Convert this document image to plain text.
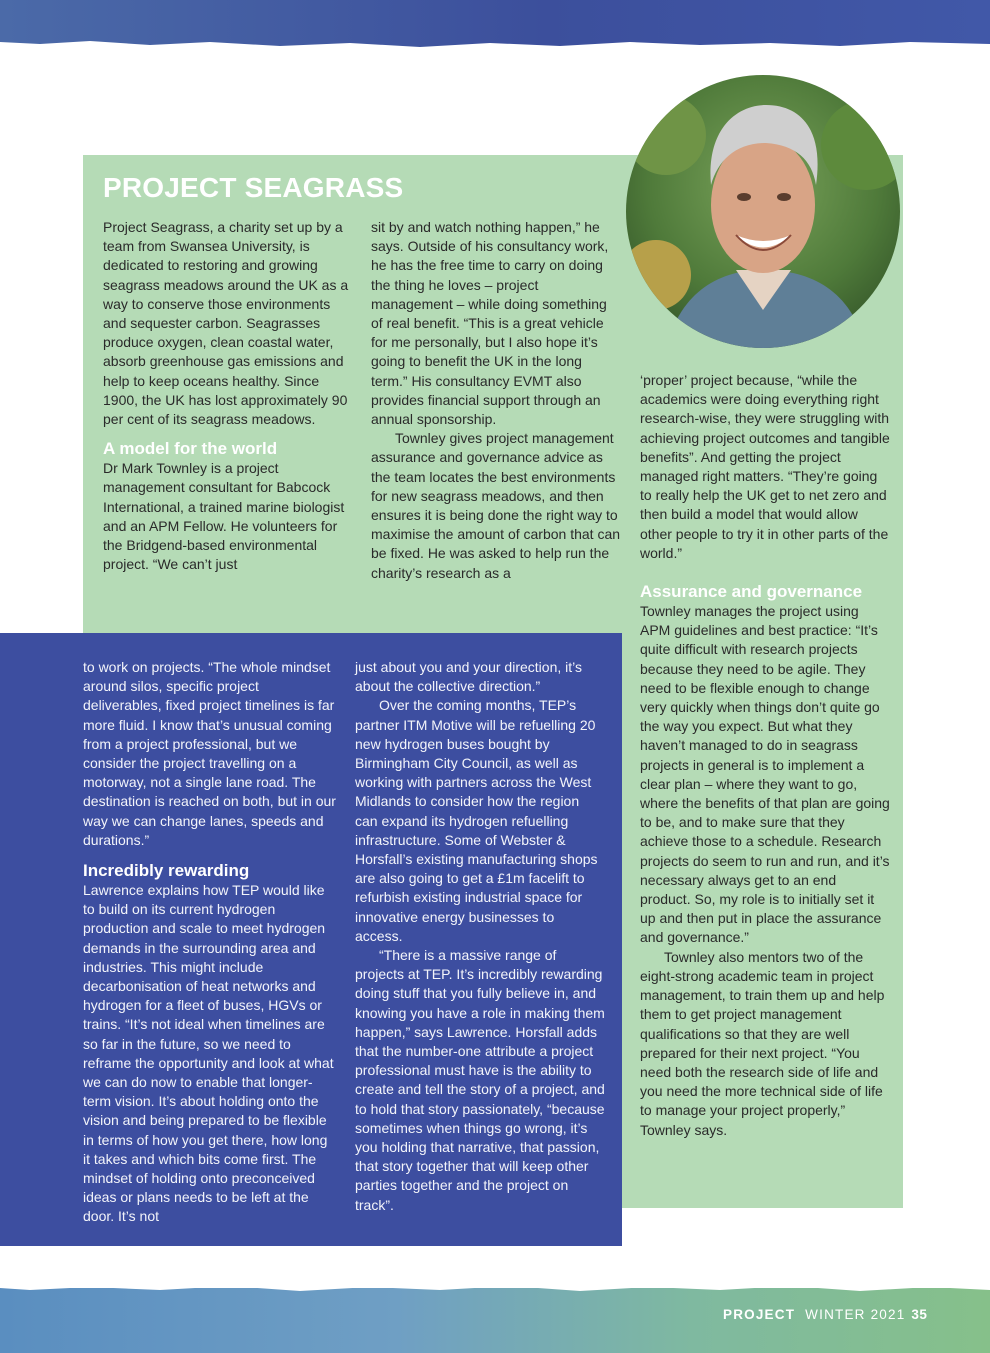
PROJECT SEAGRASS

Project Seagrass, a charity set up by a team from Swansea University, is dedicated to restoring and growing seagrass meadows around the UK as a way to conserve those environments and sequester carbon. Seagrasses produce oxygen, clean coastal water, absorb greenhouse gas emissions and help to keep oceans healthy. Since 1900, the UK has lost approximately 90 per cent of its seagrass meadows.

A model for the world

Dr Mark Townley is a project management consultant for Babcock International, a trained marine biologist and an APM Fellow. He volunteers for the Bridgend-based environmental project. “We can’t just

sit by and watch nothing happen,” he says. Outside of his consultancy work, he has the free time to carry on doing the thing he loves – project management – while doing something of real benefit. “This is a great vehicle for me personally, but I also hope it’s going to benefit the UK in the long term.” His consultancy EVMT also provides financial support through an annual sponsorship.

Townley gives project management assurance and governance advice as the team locates the best environments for new seagrass meadows, and then ensures it is being done the right way to maximise the amount of carbon that can be fixed. He was asked to help run the charity’s research as a

‘proper’ project because, “while the academics were doing everything right research-wise, they were struggling with achieving project outcomes and tangible benefits”. And getting the project managed right matters. “They’re going to really help the UK get to net zero and then build a model that would allow other people to try it in other parts of the world.”

Assurance and governance

Townley manages the project using APM guidelines and best practice: “It’s quite difficult with research projects because they need to be agile. They need to be flexible enough to change very quickly when things don’t quite go the way you expect. But what they haven’t managed to do in seagrass projects in general is to implement a clear plan – where they want to go, where the benefits of that plan are going to be, and to make sure that they achieve those to a schedule. Research projects do seem to run and run, and it’s necessary always get to an end product. So, my role is to initially set it up and then put in place the assurance and governance.”

Townley also mentors two of the eight-strong academic team in project management, to train them up and help them to get project management qualifications so that they are well prepared for their next project. “You need both the research side of life and you need the more technical side of life to manage your project properly,” Townley says.

to work on projects. “The whole mindset around silos, specific project deliverables, fixed project timelines is far more fluid. I know that’s unusual coming from a project professional, but we consider the project travelling on a motorway, not a single lane road. The destination is reached on both, but in our way we can change lanes, speeds and durations.”

Incredibly rewarding

Lawrence explains how TEP would like to build on its current hydrogen production and scale to meet hydrogen demands in the surrounding area and industries. This might include decarbonisation of heat networks and hydrogen for a fleet of buses, HGVs or trains. “It’s not ideal when timelines are so far in the future, so we need to reframe the opportunity and look at what we can do now to enable that longer-term vision. It’s about holding onto the vision and being prepared to be flexible in terms of how you get there, how long it takes and which bits come first. The mindset of holding onto preconceived ideas or plans needs to be left at the door. It’s not

just about you and your direction, it’s about the collective direction.”

Over the coming months, TEP’s partner ITM Motive will be refuelling 20 new hydrogen buses bought by Birmingham City Council, as well as working with partners across the West Midlands to consider how the region can expand its hydrogen refuelling infrastructure. Some of Webster & Horsfall’s existing manufacturing shops are also going to get a £1m facelift to refurbish existing industrial space for innovative energy businesses to access.

“There is a massive range of projects at TEP. It’s incredibly rewarding doing stuff that you fully believe in, and knowing you have a role in making them happen,” says Lawrence. Horsfall adds that the number-one attribute a project professional must have is the ability to create and tell the story of a project, and to hold that story passionately, “because sometimes when things go wrong, it’s you holding that narrative, that passion, that story together that will keep other parties together and the project on track”.

PROJECT WINTER 2021 35
